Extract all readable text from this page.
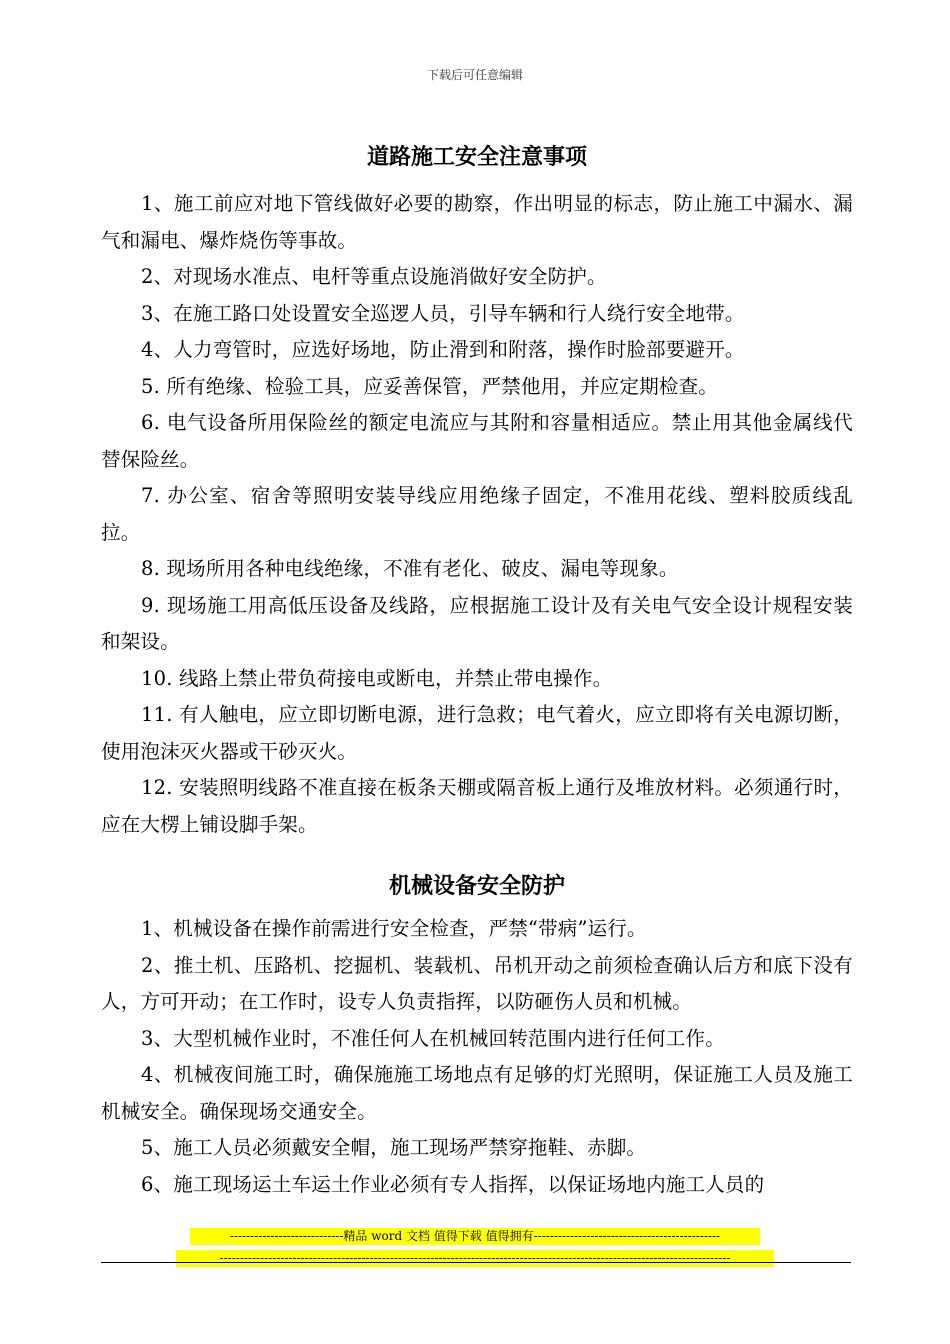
下载后可任意编辑
道路施工安全注意事项

1、施工前应对地下管线做好必要的勘察，作出明显的标志，防止施工中漏水、漏气和漏电、爆炸烧伤等事故。

2、对现场水准点、电杆等重点设施消做好安全防护。

3、在施工路口处设置安全巡逻人员，引导车辆和行人绕行安全地带。

4、人力弯管时，应选好场地，防止滑到和附落，操作时脸部要避开。

5. 所有绝缘、检验工具，应妥善保管，严禁他用，并应定期检查。

6. 电气设备所用保险丝的额定电流应与其附和容量相适应。禁止用其他金属线代替保险丝。

7. 办公室、宿舍等照明安装导线应用绝缘子固定，不准用花线、塑料胶质线乱拉。

8. 现场所用各种电线绝缘，不准有老化、破皮、漏电等现象。

9. 现场施工用高低压设备及线路，应根据施工设计及有关电气安全设计规程安装和架设。

10. 线路上禁止带负荷接电或断电，并禁止带电操作。

11. 有人触电，应立即切断电源，进行急救；电气着火，应立即将有关电源切断，使用泡沫灭火器或干砂灭火。

12. 安装照明线路不准直接在板条天棚或隔音板上通行及堆放材料。必须通行时，应在大楞上铺设脚手架。

机械设备安全防护

1、机械设备在操作前需进行安全检查，严禁“带病”运行。

2、推土机、压路机、挖掘机、装载机、吊机开动之前须检查确认后方和底下没有人，方可开动；在工作时，设专人负责指挥，以防砸伤人员和机械。

3、大型机械作业时，不准任何人在机械回转范围内进行任何工作。

4、机械夜间施工时，确保施施工场地点有足够的灯光照明，保证施工人员及施工机械安全。确保现场交通安全。

5、施工人员必须戴安全帽，施工现场严禁穿拖鞋、赤脚。

6、施工现场运土车运土作业必须有专人指挥，以保证场地内施工人员的

----------------------------精品 word 文档 值得下载 值得拥有----------------------------------------------
------------------------------------------------------------------------------------------------------------------------------
